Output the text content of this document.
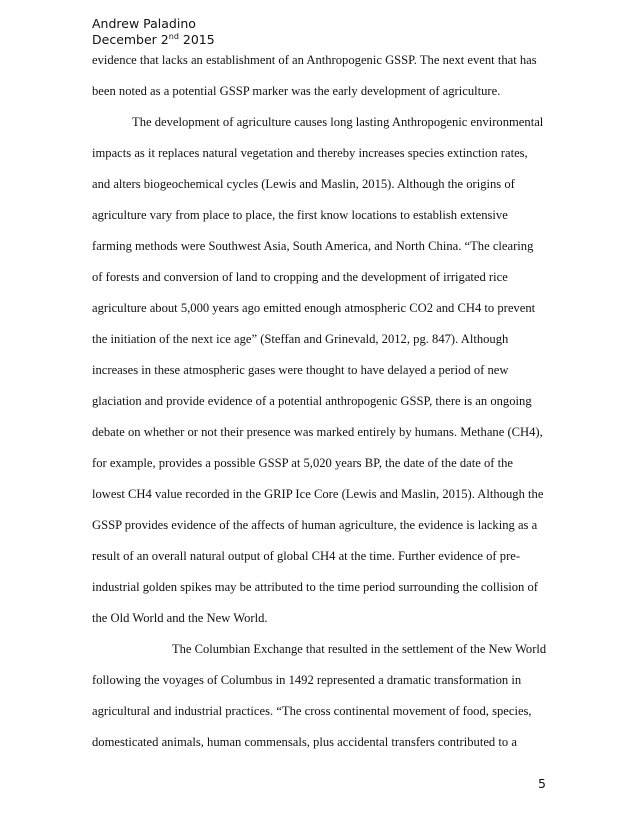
Andrew Paladino
December 2nd 2015
evidence that lacks an establishment of an Anthropogenic GSSP. The next event that has
been noted as a potential GSSP marker was the early development of agriculture.
The development of agriculture causes long lasting Anthropogenic environmental
impacts as it replaces natural vegetation and thereby increases species extinction rates,
and alters biogeochemical cycles (Lewis and Maslin, 2015). Although the origins of
agriculture vary from place to place, the first know locations to establish extensive
farming methods were Southwest Asia, South America, and North China. “The clearing
of forests and conversion of land to cropping and the development of irrigated rice
agriculture about 5,000 years ago emitted enough atmospheric CO2 and CH4 to prevent
the initiation of the next ice age” (Steffan and Grinevald, 2012, pg. 847). Although
increases in these atmospheric gases were thought to have delayed a period of new
glaciation and provide evidence of a potential anthropogenic GSSP, there is an ongoing
debate on whether or not their presence was marked entirely by humans. Methane (CH4),
for example, provides a possible GSSP at 5,020 years BP, the date of the date of the
lowest CH4 value recorded in the GRIP Ice Core (Lewis and Maslin, 2015). Although the
GSSP provides evidence of the affects of human agriculture, the evidence is lacking as a
result of an overall natural output of global CH4 at the time. Further evidence of pre-
industrial golden spikes may be attributed to the time period surrounding the collision of
the Old World and the New World.
The Columbian Exchange that resulted in the settlement of the New World
following the voyages of Columbus in 1492 represented a dramatic transformation in
agricultural and industrial practices. “The cross continental movement of food, species,
domesticated animals, human commensals, plus accidental transfers contributed to a
5
